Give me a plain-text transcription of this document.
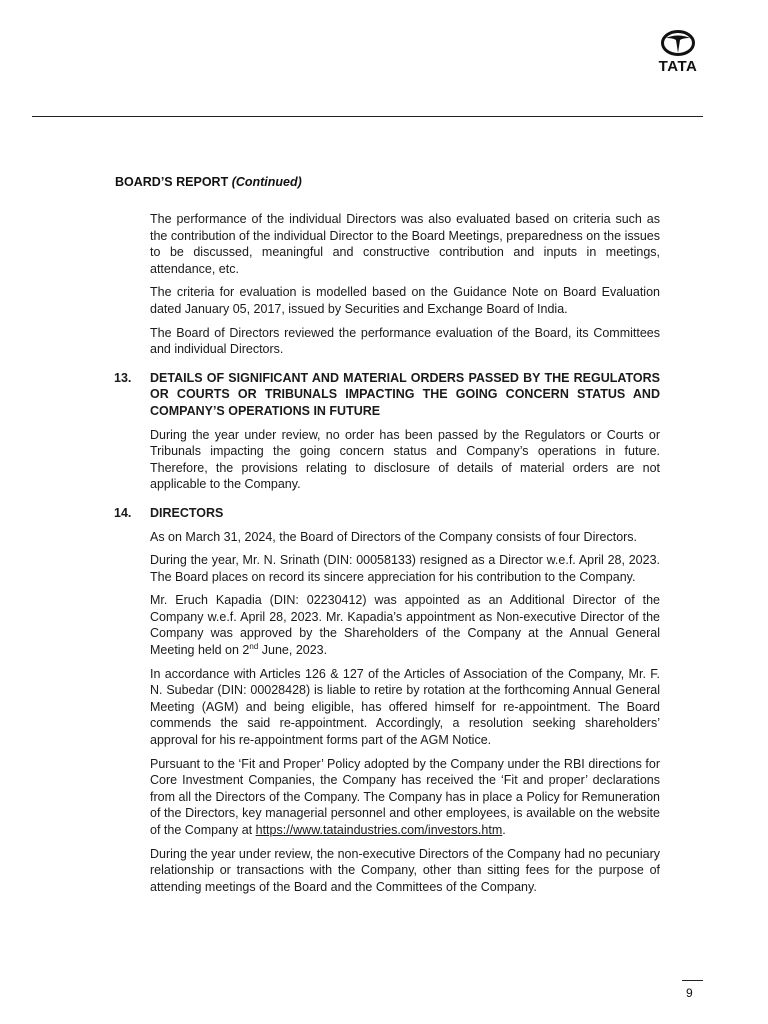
TATA
BOARD’S REPORT (Continued)

The performance of the individual Directors was also evaluated based on criteria such as the contribution of the individual Director to the Board Meetings, preparedness on the issues to be discussed, meaningful and constructive contribution and inputs in meetings, attendance, etc.

The criteria for evaluation is modelled based on the Guidance Note on Board Evaluation dated January 05, 2017, issued by Securities and Exchange Board of India.

The Board of Directors reviewed the performance evaluation of the Board, its Committees and individual Directors.

13. DETAILS OF SIGNIFICANT AND MATERIAL ORDERS PASSED BY THE REGULATORS OR COURTS OR TRIBUNALS IMPACTING THE GOING CONCERN STATUS AND COMPANY’S OPERATIONS IN FUTURE

During the year under review, no order has been passed by the Regulators or Courts or Tribunals impacting the going concern status and Company’s operations in future. Therefore, the provisions relating to disclosure of details of material orders are not applicable to the Company.

14. DIRECTORS

As on March 31, 2024, the Board of Directors of the Company consists of four Directors.

During the year, Mr. N. Srinath (DIN: 00058133) resigned as a Director w.e.f. April 28, 2023. The Board places on record its sincere appreciation for his contribution to the Company.

Mr. Eruch Kapadia (DIN: 02230412) was appointed as an Additional Director of the Company w.e.f. April 28, 2023. Mr. Kapadia’s appointment as Non-executive Director of the Company was approved by the Shareholders of the Company at the Annual General Meeting held on 2nd June, 2023.

In accordance with Articles 126 & 127 of the Articles of Association of the Company, Mr. F. N. Subedar (DIN: 00028428) is liable to retire by rotation at the forthcoming Annual General Meeting (AGM) and being eligible, has offered himself for re-appointment. The Board commends the said re-appointment. Accordingly, a resolution seeking shareholders’ approval for his re-appointment forms part of the AGM Notice.

Pursuant to the ‘Fit and Proper’ Policy adopted by the Company under the RBI directions for Core Investment Companies, the Company has received the ‘Fit and proper’ declarations from all the Directors of the Company. The Company has in place a Policy for Remuneration of the Directors, key managerial personnel and other employees, is available on the website of the Company at https://www.tataindustries.com/investors.htm.

During the year under review, the non-executive Directors of the Company had no pecuniary relationship or transactions with the Company, other than sitting fees for the purpose of attending meetings of the Board and the Committees of the Company.

9
